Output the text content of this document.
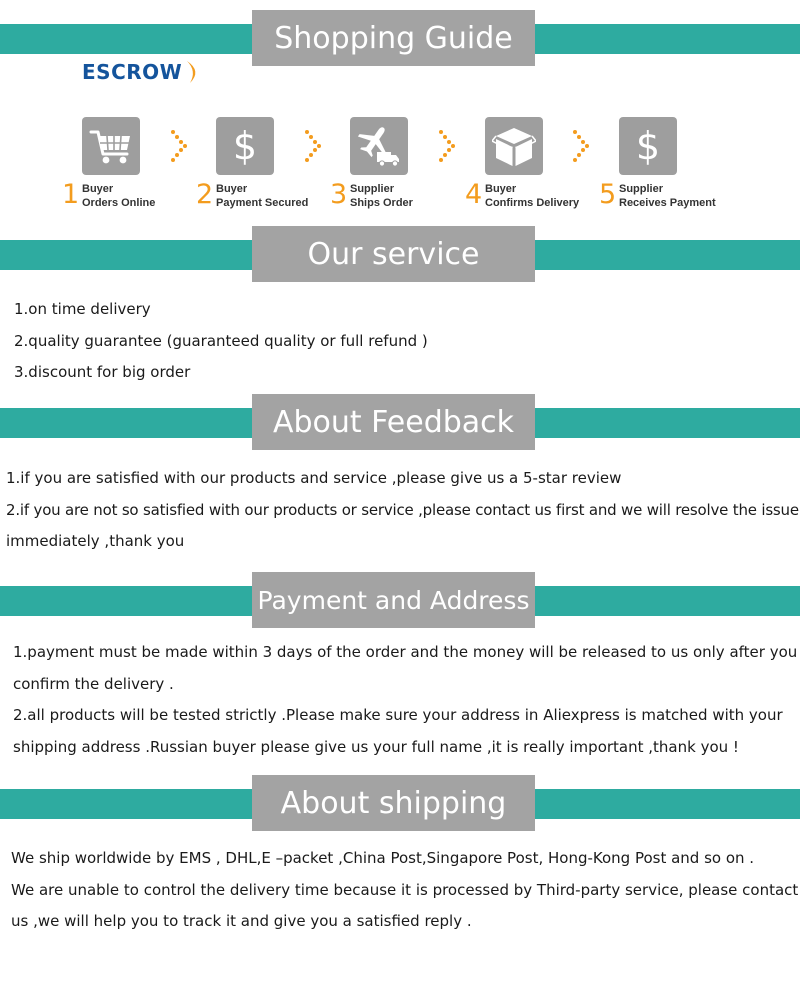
Shopping Guide
ESCROW
1 Buyer
Orders Online
$
2 Buyer
Payment Secured 3 Supplier
Ships Order 4 Buyer
Confirms Delivery
$
5 Supplier
Receives Payment
Our service

1.on time delivery

2.quality guarantee (guaranteed quality or full refund )

3.discount for big order

About Feedback

1.if you are satisfied with our products and service ,please give us a 5-star review

2.if you are not so satisfied with our products or service ,please contact us first and we will resolve the issue

immediately ,thank you

Payment and Address

1.payment must be made within 3 days of the order and the money will be released to us only after you

confirm the delivery .

2.all products will be tested strictly .Please make sure your address in Aliexpress is matched with your

shipping address .Russian buyer please give us your full name ,it is really important ,thank you !

About shipping

We ship worldwide by EMS , DHL,E –packet ,China Post,Singapore Post, Hong-Kong Post and so on .

We are unable to control the delivery time because it is processed by Third-party service, please contact

us ,we will help you to track it and give you a satisfied reply .
